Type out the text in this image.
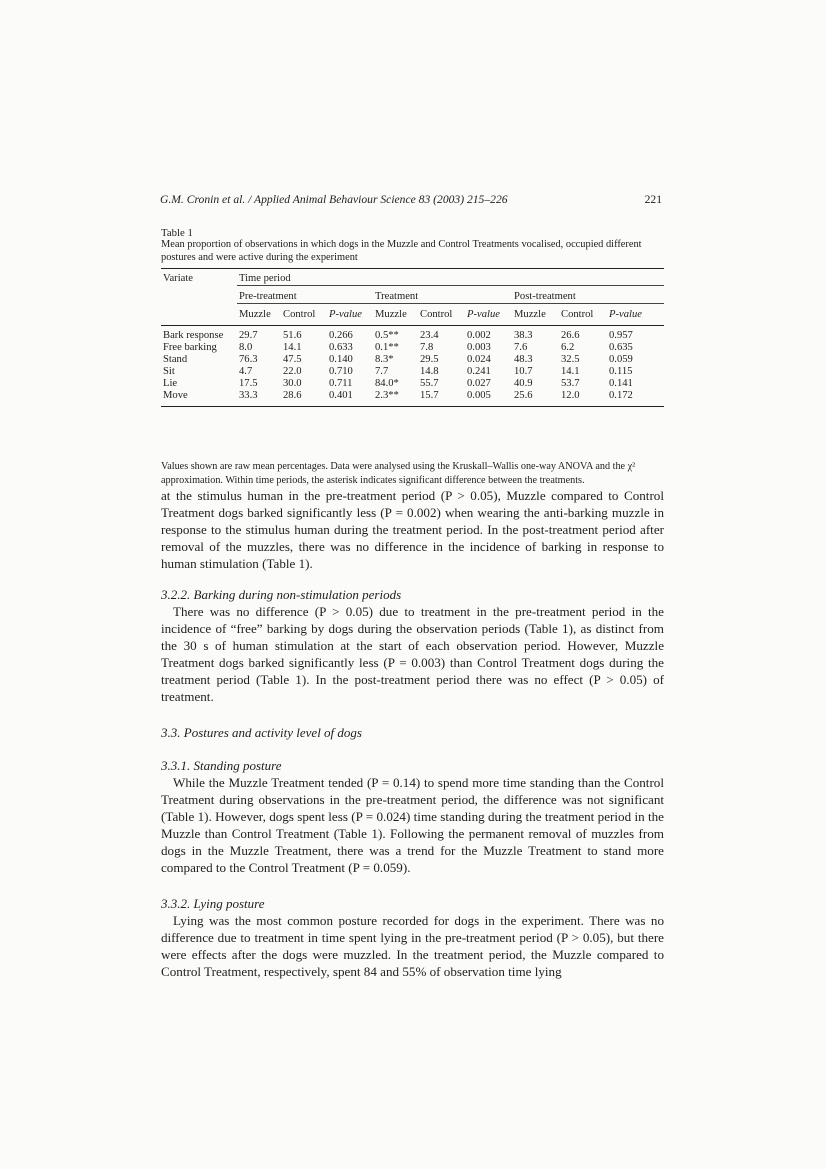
G.M. Cronin et al. / Applied Animal Behaviour Science 83 (2003) 215–226	221
Table 1
Mean proportion of observations in which dogs in the Muzzle and Control Treatments vocalised, occupied different postures and were active during the experiment
Variate	Time period								
	Pre-treatment			Treatment			Post-treatment		
	Muzzle	Control	P-value	Muzzle	Control	P-value	Muzzle	Control	P-value
Bark response	29.7	51.6	0.266	0.5**	23.4	0.002	38.3	26.6	0.957
Free barking	8.0	14.1	0.633	0.1**	7.8	0.003	7.6	6.2	0.635
Stand	76.3	47.5	0.140	8.3*	29.5	0.024	48.3	32.5	0.059
Sit	4.7	22.0	0.710	7.7	14.8	0.241	10.7	14.1	0.115
Lie	17.5	30.0	0.711	84.0*	55.7	0.027	40.9	53.7	0.141
Move	33.3	28.6	0.401	2.3**	15.7	0.005	25.6	12.0	0.172
Values shown are raw mean percentages. Data were analysed using the Kruskall–Wallis one-way ANOVA and the χ² approximation. Within time periods, the asterisk indicates significant difference between the treatments.

at the stimulus human in the pre-treatment period (P > 0.05), Muzzle compared to Control Treatment dogs barked significantly less (P = 0.002) when wearing the anti-barking muzzle in response to the stimulus human during the treatment period. In the post-treatment period after removal of the muzzles, there was no difference in the incidence of barking in response to human stimulation (Table 1).

3.2.2. Barking during non-stimulation periods

There was no difference (P > 0.05) due to treatment in the pre-treatment period in the incidence of “free” barking by dogs during the observation periods (Table 1), as distinct from the 30 s of human stimulation at the start of each observation period. However, Muzzle Treatment dogs barked significantly less (P = 0.003) than Control Treatment dogs during the treatment period (Table 1). In the post-treatment period there was no effect (P > 0.05) of treatment.

3.3. Postures and activity level of dogs
3.3.1. Standing posture

While the Muzzle Treatment tended (P = 0.14) to spend more time standing than the Control Treatment during observations in the pre-treatment period, the difference was not significant (Table 1). However, dogs spent less (P = 0.024) time standing during the treatment period in the Muzzle than Control Treatment (Table 1). Following the permanent removal of muzzles from dogs in the Muzzle Treatment, there was a trend for the Muzzle Treatment to stand more compared to the Control Treatment (P = 0.059).

3.3.2. Lying posture

Lying was the most common posture recorded for dogs in the experiment. There was no difference due to treatment in time spent lying in the pre-treatment period (P > 0.05), but there were effects after the dogs were muzzled. In the treatment period, the Muzzle compared to Control Treatment, respectively, spent 84 and 55% of observation time lying
